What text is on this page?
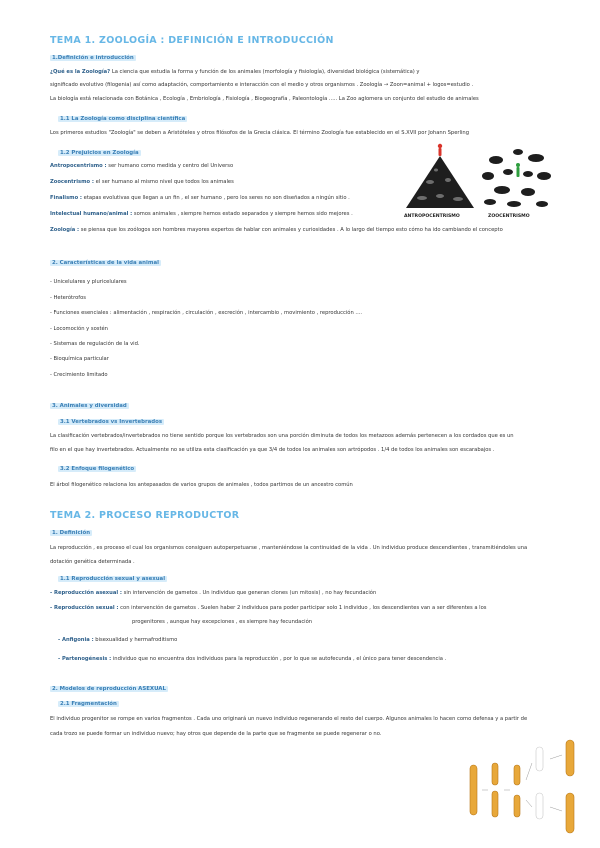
TEMA 1. ZOOLOGÍA : DEFINICIÓN E INTRODUCCIÓN
1.Definición e introducción
¿Qué es la Zoología? La ciencia que estudia la forma y función de los animales (morfología y fisiología), diversidad biológica (sistemática) y
significado evolutivo (filogenia) así como adaptación, comportamiento e interacción con el medio y otros organismos . Zoología → Zoon=animal + logos=estudio .
La biología está relacionada con Botánica , Ecología , Embriología , Fisiología , Biogeografía , Paleontología ..... La Zoo aglomera un conjunto del estudio de animales
1.1 La Zoología como disciplina científica
Los primeros estudios "Zoología" se deben a Aristóteles y otros filósofos de la Grecia clásica. El término Zoología fue establecido en el S.XVII por Johann Sperling
1.2 Prejuicios en Zoología
Antropocentrismo : ser humano como medida y centro del Universo
Zoocentrismo : el ser humano al mismo nivel que todos los animales
Finalismo : etapas evolutivas que llegan a un fin , el ser humano , pero los seres no son diseñados a ningún sitio .
Intelectual humano/animal : somos animales , siempre hemos estado separados y siempre hemos sido mejores .
Zoología : se piensa que los zoólogos son hombres mayores expertos de hablar con animales y curiosidades . A lo largo del tiempo esto cómo ha ido cambiando el concepto
ANTROPOCENTRISMO	ZOOCENTRISMO
2. Características de la vida animal
- Unicelulares y pluricelulares
- Heterótrofos
- Funciones esenciales : alimentación , respiración , circulación , excreción , intercambio , movimiento , reproducción ....
- Locomoción y sostén
- Sistemas de regulación de la vid.
- Bioquímica particular
- Crecimiento limitado
3. Animales y diversidad
3.1 Vertebrados vs Invertebrados
La clasificación vertebrados/invertebrados no tiene sentido porque los vertebrados son una porción diminuta de todos los metazoos además pertenecen a los cordados que es un
filo en el que hay invertebrados. Actualmente no se utiliza esta clasificación ya que 3/4 de todos los animales son artrópodos . 1/4 de todos los animales son escarabajos .
3.2 Enfoque filogenético
El árbol filogenético relaciona los antepasados de varios grupos de animales , todos partimos de un ancestro común
TEMA 2. PROCESO REPRODUCTOR
1. Definición
La reproducción , es proceso el cual los organismos consiguen autoperpetuarse , manteniéndose la continuidad de la vida . Un individuo produce descendientes , transmitiéndoles una
dotación genética determinada .
1.1 Reproducción sexual y asexual
- Reproducción asexual : sin intervención de gametos . Un individuo que generan clones (un mitosis) , no hay fecundación
- Reproducción sexual : con intervención de gametos . Suelen haber 2 individuos para poder participar solo 1 individuo , los descendientes van a ser diferentes a los
progenitores , aunque hay excepciones , es siempre hay fecundación
- Anfigonia : bisexualidad y hermafroditismo
- Partenogénesis : individuo que no encuentra dos individuos para la reproducción , por lo que se autofecunda , el único para tener descendencia .
2. Modelos de reproducción ASEXUAL
2.1 Fragmentación
El individuo progenitor se rompe en varios fragmentos . Cada uno originará un nuevo individuo regenerando el resto del cuerpo. Algunos animales lo hacen como defensa y a partir de
cada trozo se puede formar un individuo nuevo; hay otros que depende de la parte que se fragmente se puede regenerar o no.
